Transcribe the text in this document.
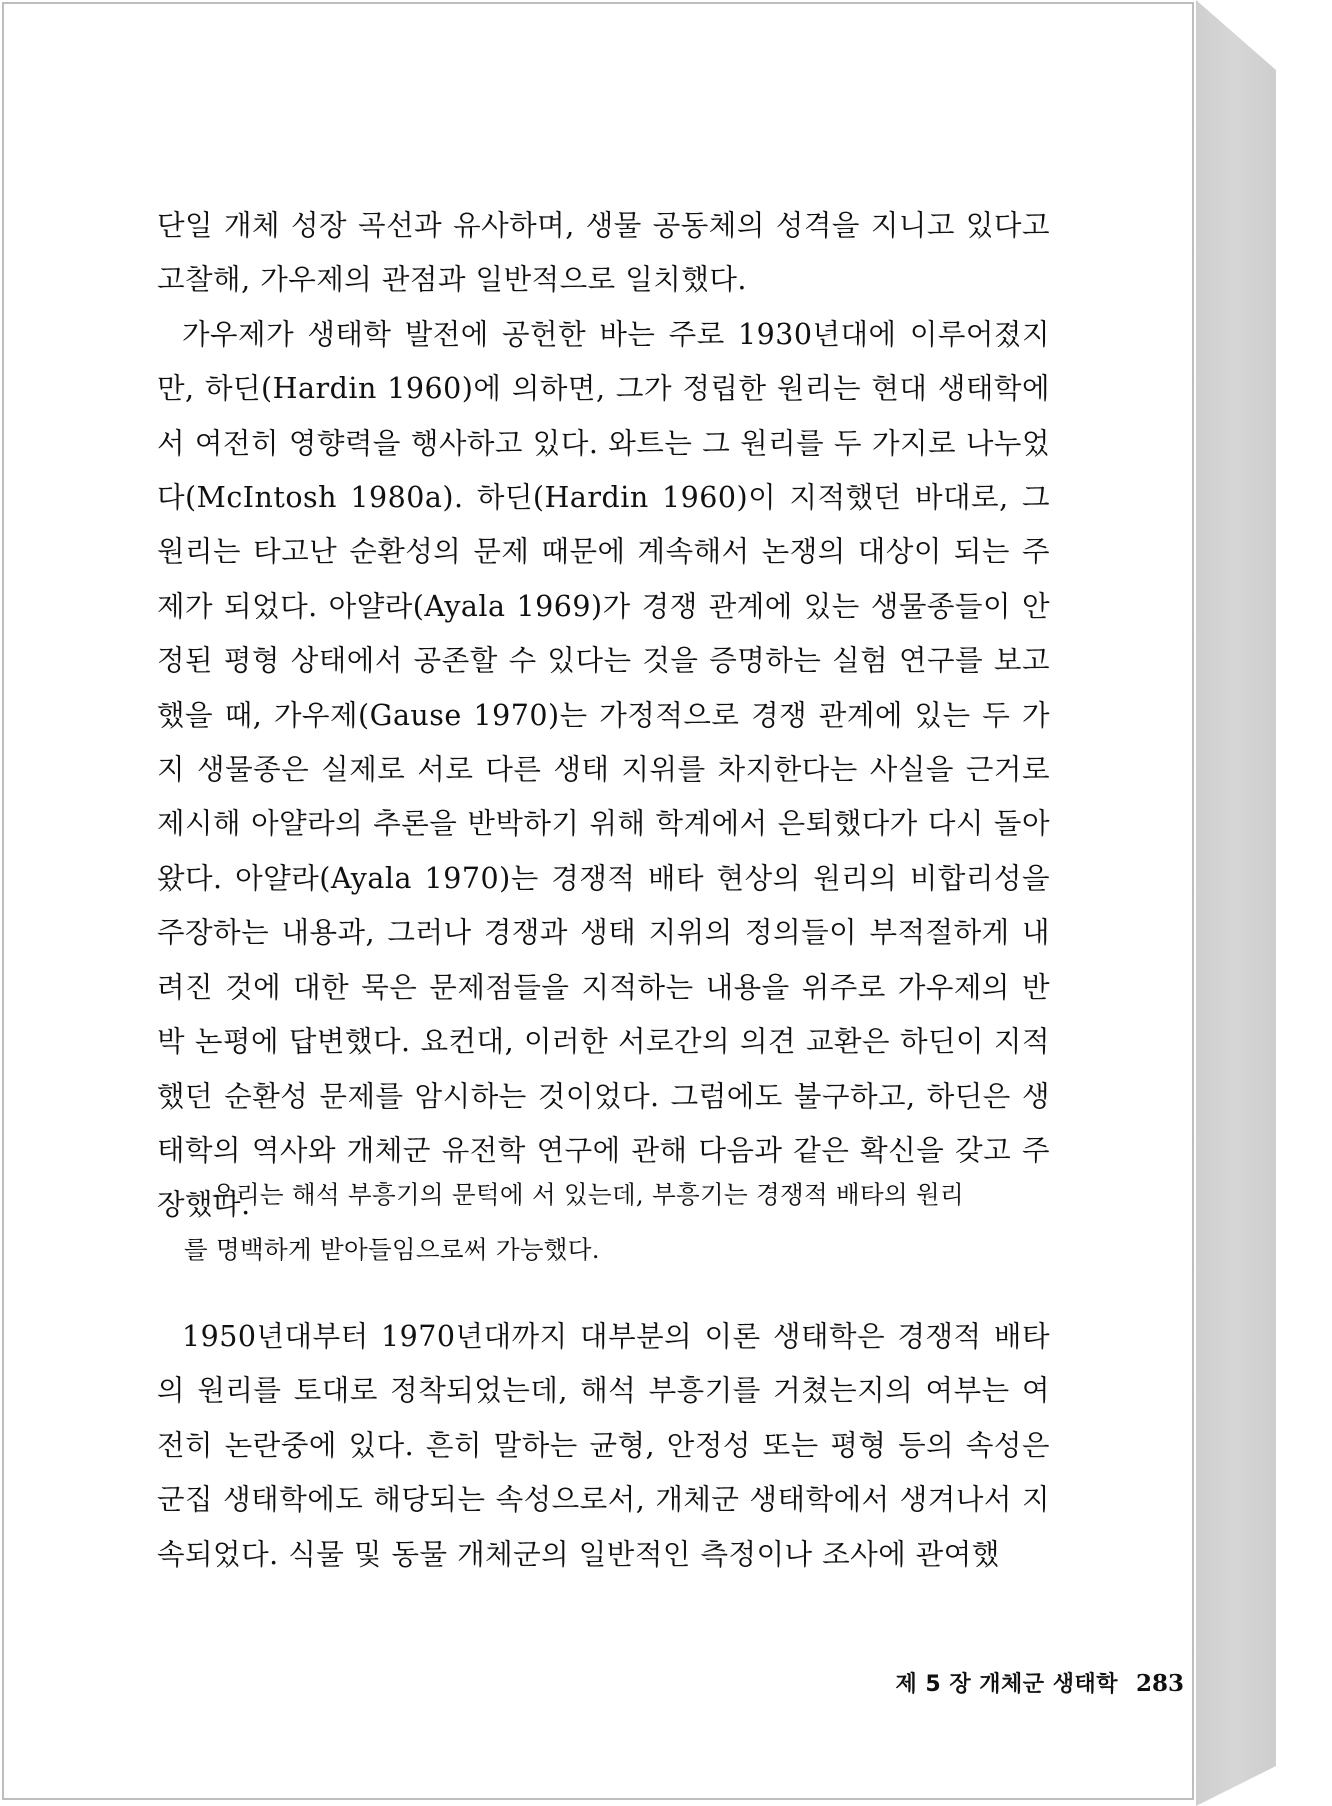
단일 개체 성장 곡선과 유사하며, 생물 공동체의 성격을 지니고 있다고 고찰해, 가우제의 관점과 일반적으로 일치했다.

가우제가 생태학 발전에 공헌한 바는 주로 1930년대에 이루어졌지만, 하딘(Hardin 1960)에 의하면, 그가 정립한 원리는 현대 생태학에서 여전히 영향력을 행사하고 있다. 와트는 그 원리를 두 가지로 나누었다(McIntosh 1980a). 하딘(Hardin 1960)이 지적했던 바대로, 그 원리는 타고난 순환성의 문제 때문에 계속해서 논쟁의 대상이 되는 주제가 되었다. 아얄라(Ayala 1969)가 경쟁 관계에 있는 생물종들이 안정된 평형 상태에서 공존할 수 있다는 것을 증명하는 실험 연구를 보고했을 때, 가우제(Gause 1970)는 가정적으로 경쟁 관계에 있는 두 가지 생물종은 실제로 서로 다른 생태 지위를 차지한다는 사실을 근거로 제시해 아얄라의 추론을 반박하기 위해 학계에서 은퇴했다가 다시 돌아왔다. 아얄라(Ayala 1970)는 경쟁적 배타 현상의 원리의 비합리성을 주장하는 내용과, 그러나 경쟁과 생태 지위의 정의들이 부적절하게 내려진 것에 대한 묵은 문제점들을 지적하는 내용을 위주로 가우제의 반박 논평에 답변했다. 요컨대, 이러한 서로간의 의견 교환은 하딘이 지적했던 순환성 문제를 암시하는 것이었다. 그럼에도 불구하고, 하딘은 생태학의 역사와 개체군 유전학 연구에 관해 다음과 같은 확신을 갖고 주장했다.

우리는 해석 부흥기의 문턱에 서 있는데, 부흥기는 경쟁적 배타의 원리
를 명백하게 받아들임으로써 가능했다.

1950년대부터 1970년대까지 대부분의 이론 생태학은 경쟁적 배타의 원리를 토대로 정착되었는데, 해석 부흥기를 거쳤는지의 여부는 여전히 논란중에 있다. 흔히 말하는 균형, 안정성 또는 평형 등의 속성은 군집 생태학에도 해당되는 속성으로서, 개체군 생태학에서 생겨나서 지속되었다. 식물 및 동물 개체군의 일반적인 측정이나 조사에 관여했

제 5 장 개체군 생태학 283
